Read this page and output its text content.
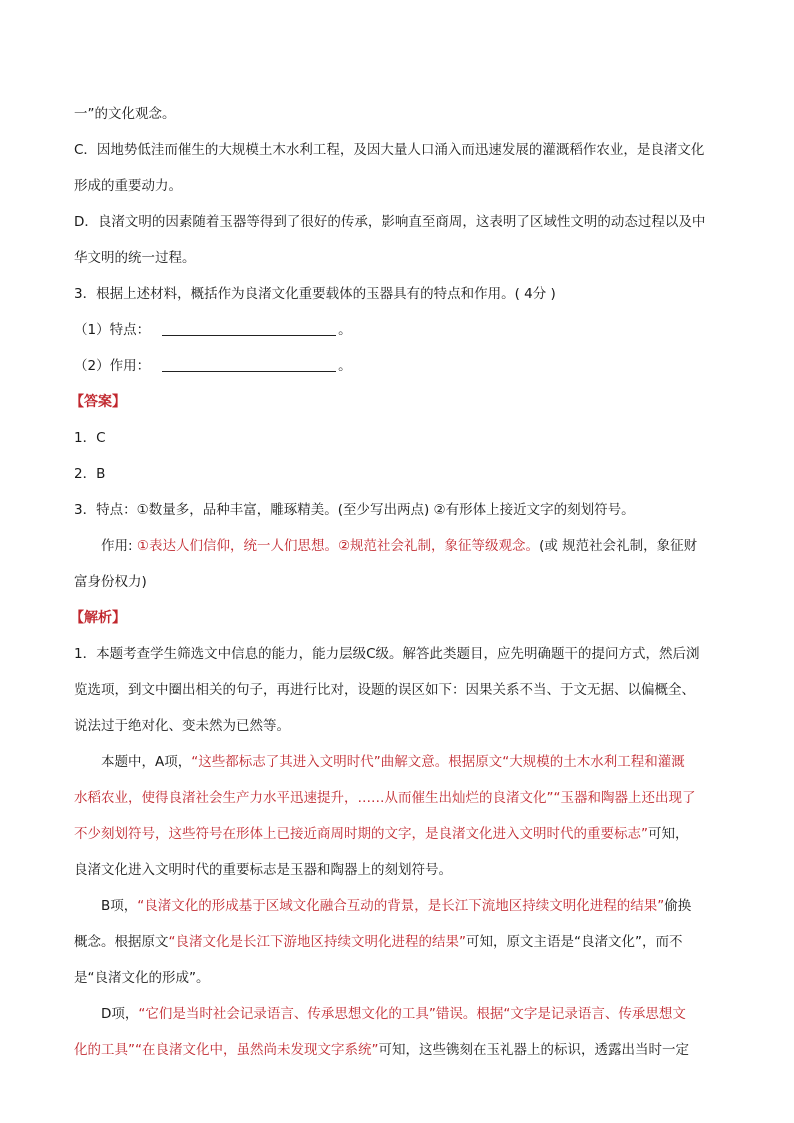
一”的文化观念。
C．因地势低洼而催生的大规模土木水利工程，及因大量人口涌入而迅速发展的灌溉稻作农业，是良渚文化
形成的重要动力。
D．良渚文明的因素随着玉器等得到了很好的传承，影响直至商周，这表明了区域性文明的动态过程以及中
华文明的统一过程。
3．根据上述材料，概括作为良渚文化重要载体的玉器具有的特点和作用。( 4分 )
（1）特点：	。
（2）作用：	。
【答案】
1．C
2．B
3．特点：①数量多，品种丰富，雕琢精美。(至少写出两点) ②有形体上接近文字的刻划符号。
作用: ①表达人们信仰，统一人们思想。②规范社会礼制，象征等级观念。(或 规范社会礼制，象征财
富身份权力)
【解析】
1．本题考查学生筛选文中信息的能力，能力层级C级。解答此类题目，应先明确题干的提问方式，然后浏
览选项，到文中圈出相关的句子，再进行比对，设题的误区如下：因果关系不当、于文无据、以偏概全、
说法过于绝对化、变未然为已然等。
本题中，A项，“这些都标志了其进入文明时代”曲解文意。根据原文“大规模的土木水利工程和灌溉
水稻农业，使得良渚社会生产力水平迅速提升，……从而催生出灿烂的良渚文化”“玉器和陶器上还出现了
不少刻划符号，这些符号在形体上已接近商周时期的文字，是良渚文化进入文明时代的重要标志”可知，
良渚文化进入文明时代的重要标志是玉器和陶器上的刻划符号。
B项，“良渚文化的形成基于区域文化融合互动的背景，是长江下流地区持续文明化进程的结果”偷换
概念。根据原文“良渚文化是长江下游地区持续文明化进程的结果”可知，原文主语是“良渚文化”，而不
是“良渚文化的形成”。
D项，“它们是当时社会记录语言、传承思想文化的工具”错误。根据“文字是记录语言、传承思想文
化的工具”“在良渚文化中，虽然尚未发现文字系统”可知，这些镌刻在玉礼器上的标识，透露出当时一定
